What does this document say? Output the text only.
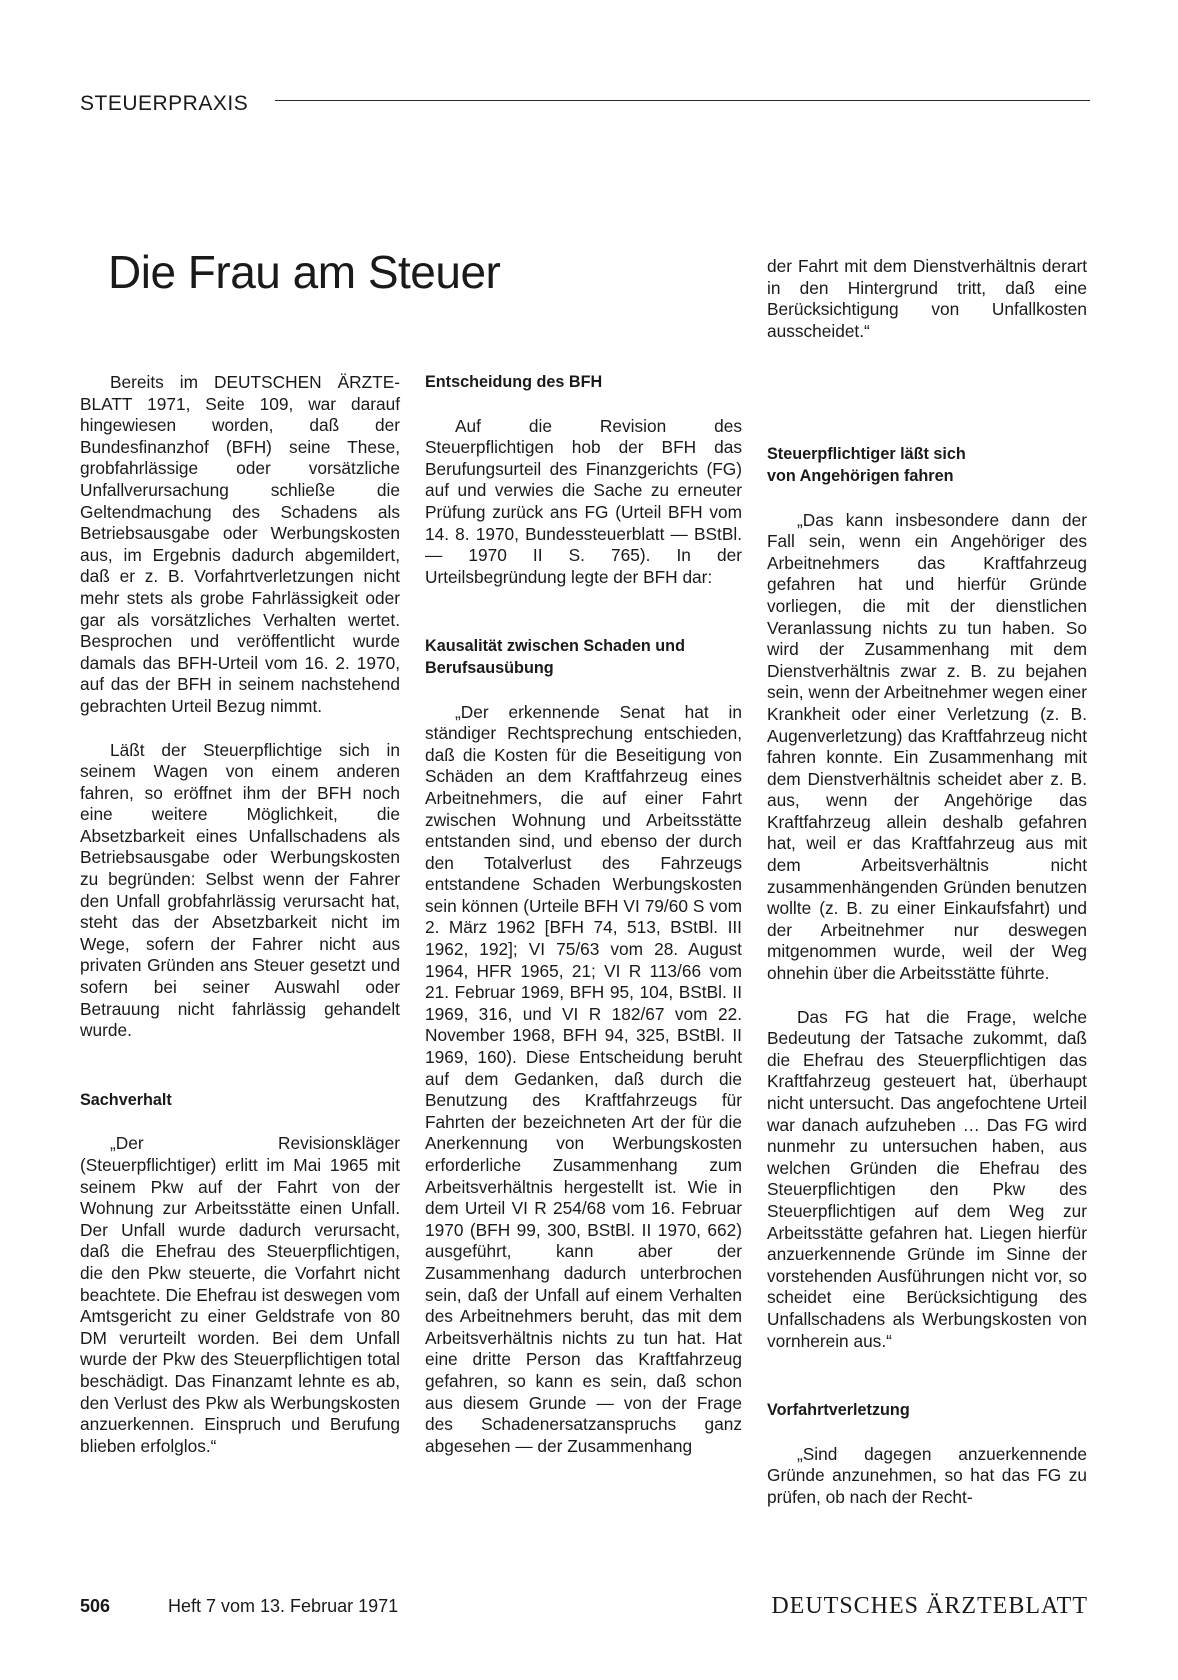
STEUERPRAXIS
Die Frau am Steuer

Bereits im DEUTSCHEN ÄRZTE-BLATT 1971, Seite 109, war darauf hingewiesen worden, daß der Bundesfinanzhof (BFH) seine These, grobfahrlässige oder vorsätzliche Unfallverursachung schließe die Geltendmachung des Schadens als Betriebsausgabe oder Werbungskosten aus, im Ergebnis dadurch abgemildert, daß er z. B. Vorfahrtverletzungen nicht mehr stets als grobe Fahrlässigkeit oder gar als vorsätzliches Verhalten wertet. Besprochen und veröffentlicht wurde damals das BFH-Urteil vom 16. 2. 1970, auf das der BFH in seinem nachstehend gebrachten Urteil Bezug nimmt.

Läßt der Steuerpflichtige sich in seinem Wagen von einem anderen fahren, so eröffnet ihm der BFH noch eine weitere Möglichkeit, die Absetzbarkeit eines Unfallschadens als Betriebsausgabe oder Werbungskosten zu begründen: Selbst wenn der Fahrer den Unfall grobfahrlässig verursacht hat, steht das der Absetzbarkeit nicht im Wege, sofern der Fahrer nicht aus privaten Gründen ans Steuer gesetzt und sofern bei seiner Auswahl oder Betrauung nicht fahrlässig gehandelt wurde.

Sachverhalt

„Der Revisionskläger (Steuerpflichtiger) erlitt im Mai 1965 mit seinem Pkw auf der Fahrt von der Wohnung zur Arbeitsstätte einen Unfall. Der Unfall wurde dadurch verursacht, daß die Ehefrau des Steuerpflichtigen, die den Pkw steuerte, die Vorfahrt nicht beachtete. Die Ehefrau ist deswegen vom Amtsgericht zu einer Geldstrafe von 80 DM verurteilt worden. Bei dem Unfall wurde der Pkw des Steuerpflichtigen total beschädigt. Das Finanzamt lehnte es ab, den Verlust des Pkw als Werbungskosten anzuerkennen. Einspruch und Berufung blieben erfolglos.“

Entscheidung des BFH

Auf die Revision des Steuerpflichtigen hob der BFH das Berufungsurteil des Finanzgerichts (FG) auf und verwies die Sache zu erneuter Prüfung zurück ans FG (Urteil BFH vom 14. 8. 1970, Bundessteuerblatt — BStBl. — 1970 II S. 765). In der Urteilsbegründung legte der BFH dar:

Kausalität zwischen Schaden und Berufsausübung

„Der erkennende Senat hat in ständiger Rechtsprechung entschieden, daß die Kosten für die Beseitigung von Schäden an dem Kraftfahrzeug eines Arbeitnehmers, die auf einer Fahrt zwischen Wohnung und Arbeitsstätte entstanden sind, und ebenso der durch den Totalverlust des Fahrzeugs entstandene Schaden Werbungskosten sein können (Urteile BFH VI 79/60 S vom 2. März 1962 [BFH 74, 513, BStBl. III 1962, 192]; VI 75/63 vom 28. August 1964, HFR 1965, 21; VI R 113/66 vom 21. Februar 1969, BFH 95, 104, BStBl. II 1969, 316, und VI R 182/67 vom 22. November 1968, BFH 94, 325, BStBl. II 1969, 160). Diese Entscheidung beruht auf dem Gedanken, daß durch die Benutzung des Kraftfahrzeugs für Fahrten der bezeichneten Art der für die Anerkennung von Werbungskosten erforderliche Zusammenhang zum Arbeitsverhältnis hergestellt ist. Wie in dem Urteil VI R 254/68 vom 16. Februar 1970 (BFH 99, 300, BStBl. II 1970, 662) ausgeführt, kann aber der Zusammenhang dadurch unterbrochen sein, daß der Unfall auf einem Verhalten des Arbeitnehmers beruht, das mit dem Arbeitsverhältnis nichts zu tun hat. Hat eine dritte Person das Kraftfahrzeug gefahren, so kann es sein, daß schon aus diesem Grunde — von der Frage des Schadenersatzanspruchs ganz abgesehen — der Zusammenhang

der Fahrt mit dem Dienstverhältnis derart in den Hintergrund tritt, daß eine Berücksichtigung von Unfallkosten ausscheidet.“

Steuerpflichtiger läßt sich
von Angehörigen fahren

„Das kann insbesondere dann der Fall sein, wenn ein Angehöriger des Arbeitnehmers das Kraftfahrzeug gefahren hat und hierfür Gründe vorliegen, die mit der dienstlichen Veranlassung nichts zu tun haben. So wird der Zusammenhang mit dem Dienstverhältnis zwar z. B. zu bejahen sein, wenn der Arbeitnehmer wegen einer Krankheit oder einer Verletzung (z. B. Augenverletzung) das Kraftfahrzeug nicht fahren konnte. Ein Zusammenhang mit dem Dienstverhältnis scheidet aber z. B. aus, wenn der Angehörige das Kraftfahrzeug allein deshalb gefahren hat, weil er das Kraftfahrzeug aus mit dem Arbeitsverhältnis nicht zusammenhängenden Gründen benutzen wollte (z. B. zu einer Einkaufsfahrt) und der Arbeitnehmer nur deswegen mitgenommen wurde, weil der Weg ohnehin über die Arbeitsstätte führte.

Das FG hat die Frage, welche Bedeutung der Tatsache zukommt, daß die Ehefrau des Steuerpflichtigen das Kraftfahrzeug gesteuert hat, überhaupt nicht untersucht. Das angefochtene Urteil war danach aufzuheben … Das FG wird nunmehr zu untersuchen haben, aus welchen Gründen die Ehefrau des Steuerpflichtigen den Pkw des Steuerpflichtigen auf dem Weg zur Arbeitsstätte gefahren hat. Liegen hierfür anzuerkennende Gründe im Sinne der vorstehenden Ausführungen nicht vor, so scheidet eine Berücksichtigung des Unfallschadens als Werbungskosten von vornherein aus.“

Vorfahrtverletzung

„Sind dagegen anzuerkennende Gründe anzunehmen, so hat das FG zu prüfen, ob nach der Recht-

506	Heft 7 vom 13. Februar 1971	DEUTSCHES ÄRZTEBLATT
